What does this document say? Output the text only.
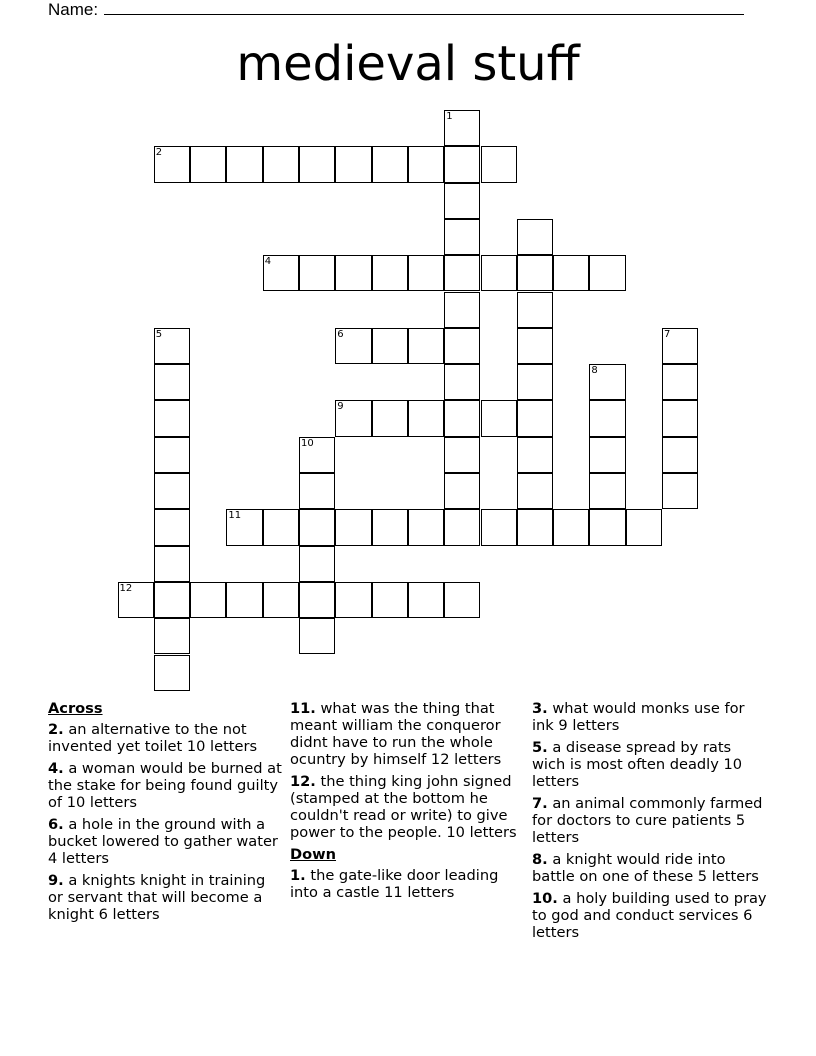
Name:
medieval stuff
1
2
4
5	6	7
8
9
10
11
12
Across
2. an alternative to the not invented yet toilet 10 letters
4. a woman would be burned at the stake for being found guilty of 10 letters
6. a hole in the ground with a bucket lowered to gather water 4 letters
9. a knights knight in training or servant that will become a knight 6 letters
11. what was the thing that meant william the conqueror didnt have to run the whole ocuntry by himself 12 letters
12. the thing king john signed (stamped at the bottom he couldn't read or write) to give power to the people. 10 letters
Down
1. the gate-like door leading into a castle 11 letters
3. what would monks use for ink 9 letters
5. a disease spread by rats wich is most often deadly 10 letters
7. an animal commonly farmed for doctors to cure patients 5 letters
8. a knight would ride into battle on one of these 5 letters
10. a holy building used to pray to god and conduct services 6 letters
